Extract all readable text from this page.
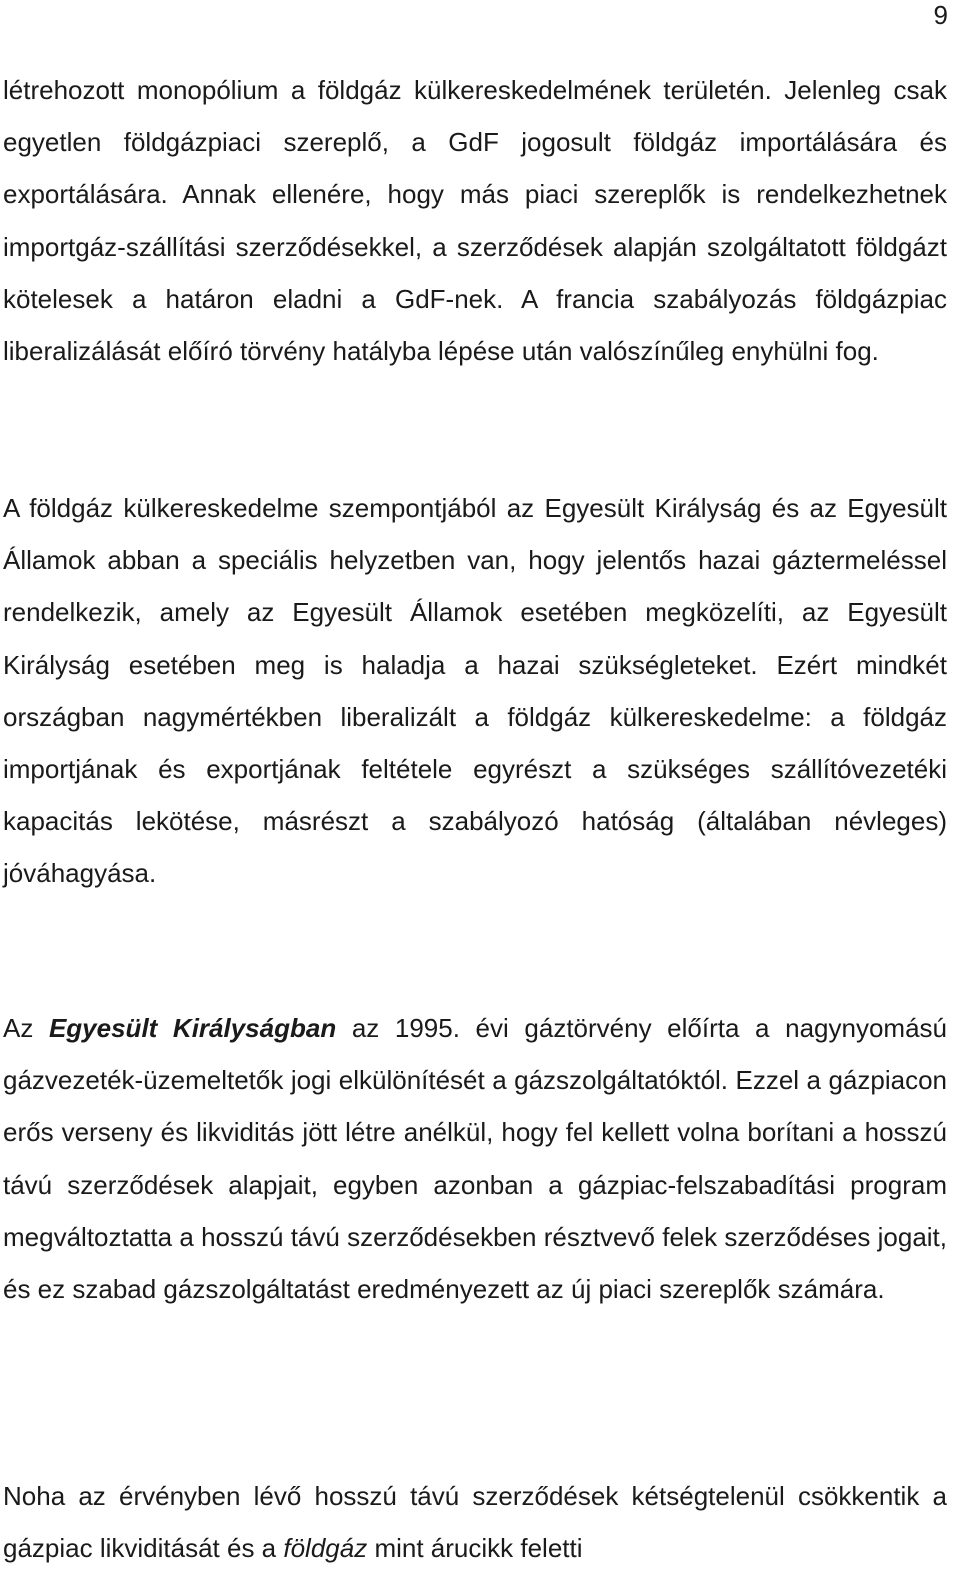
9

létrehozott monopólium a földgáz külkereskedelmének területén. Jelenleg csak egyetlen földgázpiaci szereplő, a GdF jogosult földgáz importálására és exportálására. Annak ellenére, hogy más piaci szereplők is rendelkezhetnek importgáz-szállítási szerződésekkel, a szerződések alapján szolgáltatott földgázt kötelesek a határon eladni a GdF-nek. A francia szabályozás földgázpiac liberalizálását előíró törvény hatályba lépése után valószínűleg enyhülni fog.

A földgáz külkereskedelme szempontjából az Egyesült Királyság és az Egyesült Államok abban a speciális helyzetben van, hogy jelentős hazai gáztermeléssel rendelkezik, amely az Egyesült Államok esetében megközelíti, az Egyesült Királyság esetében meg is haladja a hazai szükségleteket. Ezért mindkét országban nagymértékben liberalizált a földgáz külkereskedelme: a földgáz importjának és exportjának feltétele egyrészt a szükséges szállítóvezetéki kapacitás lekötése, másrészt a szabályozó hatóság (általában névleges) jóváhagyása.

Az Egyesült Királyságban az 1995. évi gáztörvény előírta a nagynyomású gázvezeték-üzemeltetők jogi elkülönítését a gázszolgáltatóktól. Ezzel a gázpiacon erős verseny és likviditás jött létre anélkül, hogy fel kellett volna borítani a hosszú távú szerződések alapjait, egyben azonban a gázpiac-felszabadítási program megváltoztatta a hosszú távú szerződésekben résztvevő felek szerződéses jogait, és ez szabad gázszolgáltatást eredményezett az új piaci szereplők számára.

Noha az érvényben lévő hosszú távú szerződések kétségtelenül csökkentik a gázpiac likviditását és a földgáz mint árucikk feletti
